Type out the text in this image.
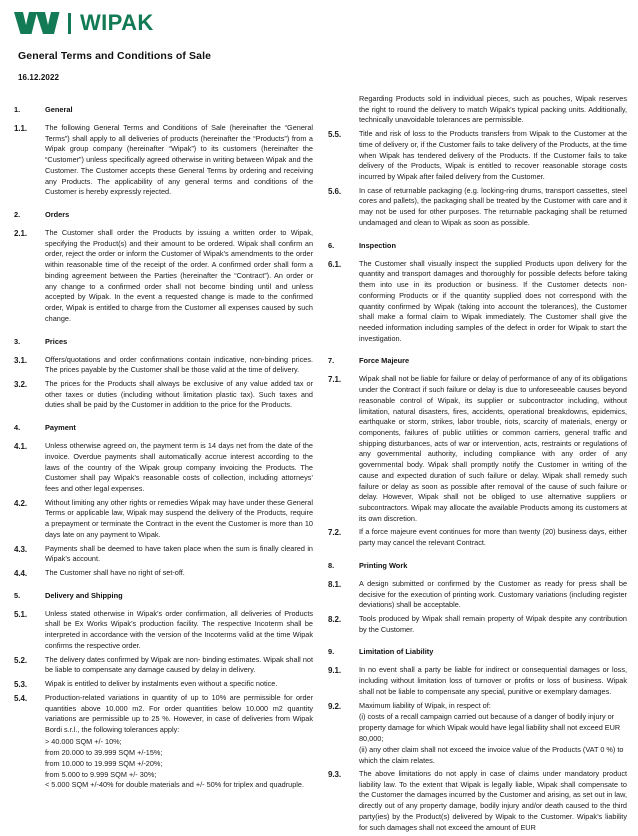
WIPAK
General Terms and Conditions of Sale
16.12.2022
1.	General
1.1.	The following General Terms and Conditions of Sale (hereinafter the “General Terms”) shall apply to all deliveries of products (hereinafter the “Products”) from a Wipak group company (hereinafter “Wipak”) to its customers (hereinafter the “Customer”) unless specifically agreed otherwise in writing between Wipak and the Customer. The Customer accepts these General Terms by ordering and receiving any Products. The applicability of any general terms and conditions of the Customer is hereby expressly rejected.

2.	Orders
2.1.	The Customer shall order the Products by issuing a written order to Wipak, specifying the Product(s) and their amount to be ordered. Wipak shall confirm an order, reject the order or inform the Customer of Wipak’s amendments to the order within reasonable time of the receipt of the order. A confirmed order shall form a binding agreement between the Parties (hereinafter the “Contract”). An order or any change to a confirmed order shall not become binding until and unless accepted by Wipak. In the event a requested change is made to the confirmed order, Wipak is entitled to charge from the Customer all expenses caused by such change.

3.	Prices
3.1.	Offers/quotations and order confirmations contain indicative, non-binding prices. The prices payable by the Customer shall be those valid at the time of delivery.

3.2.	The prices for the Products shall always be exclusive of any value added tax or other taxes or duties (including without limitation plastic tax). Such taxes and duties shall be paid by the Customer in addition to the price for the Products.

4.	Payment
4.1.	Unless otherwise agreed on, the payment term is 14 days net from the date of the invoice. Overdue payments shall automatically accrue interest according to the laws of the country of the Wipak group company invoicing the Products. The Customer shall pay Wipak’s reasonable costs of collection, including attorneys’ fees and other legal expenses.

4.2.	Without limiting any other rights or remedies Wipak may have under these General Terms or applicable law, Wipak may suspend the delivery of the Products, require a prepayment or terminate the Contract in the event the Customer is more than 10 days late on any payment to Wipak.

4.3.	Payments shall be deemed to have taken place when the sum is finally cleared in Wipak’s account.

4.4.	The Customer shall have no right of set-off.

5.	Delivery and Shipping
5.1.	Unless stated otherwise in Wipak’s order confirmation, all deliveries of Products shall be Ex Works Wipak’s production facility. The respective Incoterm shall be interpreted in accordance with the version of the Incoterms valid at the time Wipak confirms the respective order.

5.2.	The delivery dates confirmed by Wipak are non- binding estimates. Wipak shall not be liable to compensate any damage caused by delay in delivery.

5.3.	Wipak is entitled to deliver by instalments even without a specific notice.

5.4.	Production-related variations in quantity of up to 10% are permissible for order quantities above 10.000 m2. For order quantities below 10.000 m2 quantity variations are permissible up to 25 %. However, in case of deliveries from Wipak Bordi s.r.l., the following tolerances apply:

> 40.000 SQM +/- 10%;
from 20.000 to 39.999 SQM +/-15%;
from 10.000 to 19.999 SQM +/-20%;
from 5.000 to 9.999 SQM +/- 30%;
< 5.000 SQM +/-40% for double materials and +/- 50% for triplex and quadruple.

Regarding Products sold in individual pieces, such as pouches, Wipak reserves the right to round the delivery to match Wipak’s typical packing units. Additionally, technically unavoidable tolerances are permissible.

5.5.	Title and risk of loss to the Products transfers from Wipak to the Customer at the time of delivery or, if the Customer fails to take delivery of the Products, at the time when Wipak has tendered delivery of the Products. If the Customer fails to take delivery of the Products, Wipak is entitled to recover reasonable storage costs incurred by Wipak after failed delivery from the Customer.

5.6.	In case of returnable packaging (e.g. locking-ring drums, transport cassettes, steel cores and pallets), the packaging shall be treated by the Customer with care and it may not be used for other purposes. The returnable packaging shall be returned undamaged and clean to Wipak as soon as possible.

6.	Inspection
6.1.	The Customer shall visually inspect the supplied Products upon delivery for the quantity and transport damages and thoroughly for possible defects before taking them into use in its production or business. If the Customer detects non-conforming Products or if the quantity supplied does not correspond with the quantity confirmed by Wipak (taking into account the tolerances), the Customer shall make a formal claim to Wipak immediately. The Customer shall give the needed information including samples of the defect in order for Wipak to start the investigation.

7.	Force Majeure
7.1.	Wipak shall not be liable for failure or delay of performance of any of its obligations under the Contract if such failure or delay is due to unforeseeable causes beyond reasonable control of Wipak, its supplier or subcontractor including, without limitation, natural disasters, fires, accidents, operational breakdowns, epidemics, earthquake or storm, strikes, labor trouble, riots, scarcity of materials, energy or components, failures of public utilities or common carriers, general traffic and shipping disturbances, acts of war or intervention, acts, restraints or regulations of any governmental authority, including compliance with any order of any governmental body. Wipak shall promptly notify the Customer in writing of the cause and expected duration of such failure or delay. Wipak shall remedy such failure or delay as soon as possible after removal of the cause of such failure or delay. However, Wipak shall not be obliged to use alternative suppliers or subcontractors. Wipak may allocate the available Products among its customers at its own discretion.

7.2.	If a force majeure event continues for more than twenty (20) business days, either party may cancel the relevant Contract.

8.	Printing Work
8.1.	A design submitted or confirmed by the Customer as ready for press shall be decisive for the execution of printing work. Customary variations (including register deviations) shall be acceptable.

8.2.	Tools produced by Wipak shall remain property of Wipak despite any contribution by the Customer.

9.	Limitation of Liability
9.1.	In no event shall a party be liable for indirect or consequential damages or loss, including without limitation loss of turnover or profits or loss of business. Wipak shall not be liable to compensate any special, punitive or exemplary damages.

9.2.	Maximum liability of Wipak, in respect of:

(i) costs of a recall campaign carried out because of a danger of bodily injury or property damage for which Wipak would have legal liability shall not exceed EUR 80,000;
(ii) any other claim shall not exceed the invoice value of the Products (VAT 0 %) to which the claim relates.
9.3.	The above limitations do not apply in case of claims under mandatory product liability law. To the extent that Wipak is legally liable, Wipak shall compensate to the Customer the damages incurred by the Customer and arising, as set out in law, directly out of any property damage, bodily injury and/or death caused to the third party(ies) by the Product(s) delivered by Wipak to the Customer. Wipak’s liability for such damages shall not exceed the amount of EUR
